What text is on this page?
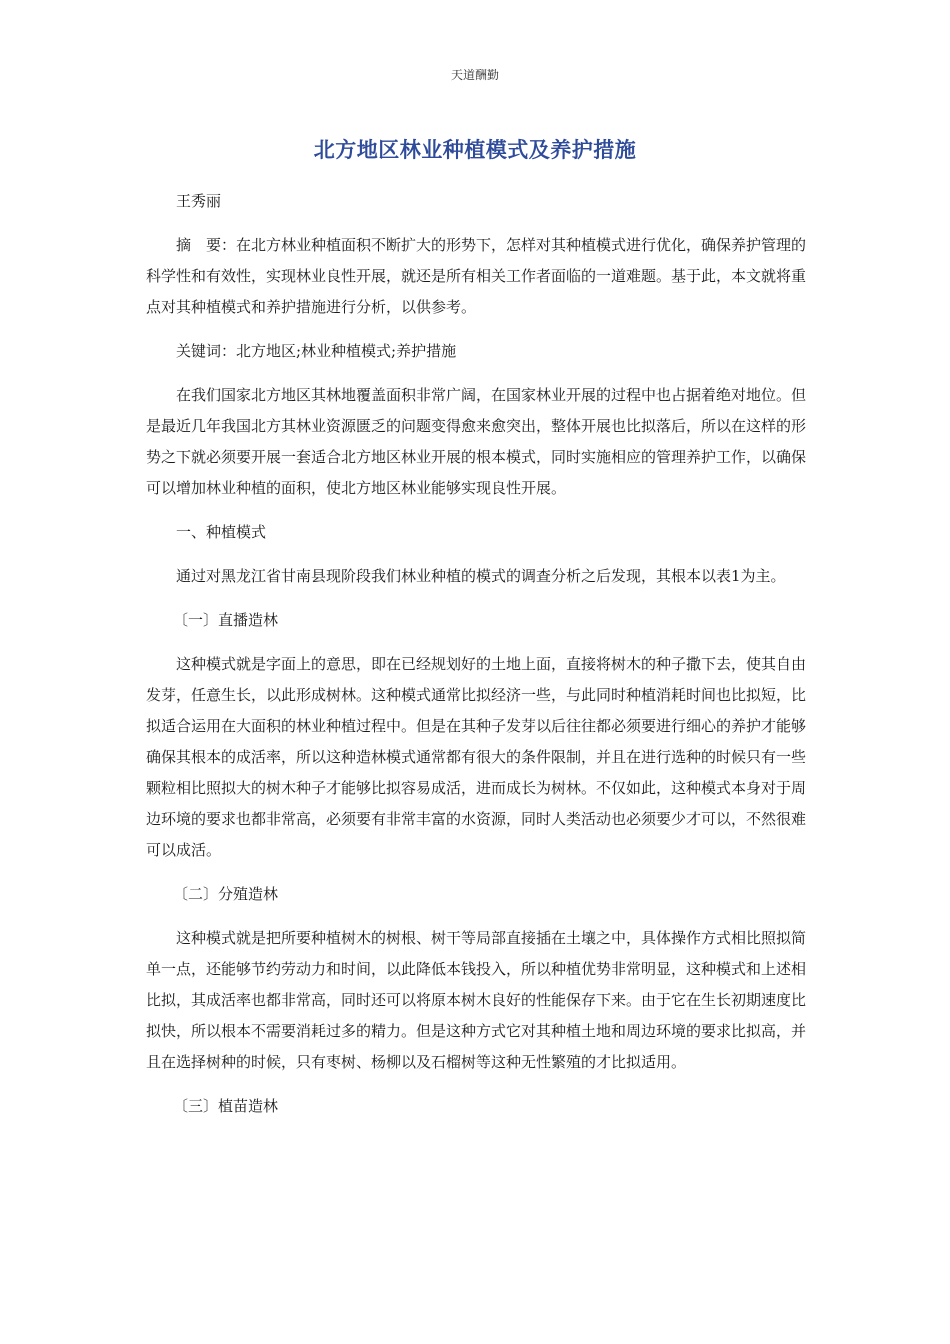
天道酬勤
北方地区林业种植模式及养护措施

王秀丽

摘　要：在北方林业种植面积不断扩大的形势下，怎样对其种植模式进行优化，确保养护管理的科学性和有效性，实现林业良性开展，就还是所有相关工作者面临的一道难题。基于此，本文就将重点对其种植模式和养护措施进行分析，以供参考。

关键词：北方地区;林业种植模式;养护措施

在我们国家北方地区其林地覆盖面积非常广阔，在国家林业开展的过程中也占据着绝对地位。但是最近几年我国北方其林业资源匮乏的问题变得愈来愈突出，整体开展也比拟落后，所以在这样的形势之下就必须要开展一套适合北方地区林业开展的根本模式，同时实施相应的管理养护工作，以确保可以增加林业种植的面积，使北方地区林业能够实现良性开展。

一、种植模式

通过对黑龙江省甘南县现阶段我们林业种植的模式的调查分析之后发现，其根本以表1为主。

〔一〕直播造林

这种模式就是字面上的意思，即在已经规划好的土地上面，直接将树木的种子撒下去，使其自由发芽，任意生长，以此形成树林。这种模式通常比拟经济一些，与此同时种植消耗时间也比拟短，比拟适合运用在大面积的林业种植过程中。但是在其种子发芽以后往往都必须要进行细心的养护才能够确保其根本的成活率，所以这种造林模式通常都有很大的条件限制，并且在进行选种的时候只有一些颗粒相比照拟大的树木种子才能够比拟容易成活，进而成长为树林。不仅如此，这种模式本身对于周边环境的要求也都非常高，必须要有非常丰富的水资源，同时人类活动也必须要少才可以，不然很难可以成活。

〔二〕分殖造林

这种模式就是把所要种植树木的树根、树干等局部直接插在土壤之中，具体操作方式相比照拟简单一点，还能够节约劳动力和时间，以此降低本钱投入，所以种植优势非常明显，这种模式和上述相比拟，其成活率也都非常高，同时还可以将原本树木良好的性能保存下来。由于它在生长初期速度比拟快，所以根本不需要消耗过多的精力。但是这种方式它对其种植土地和周边环境的要求比拟高，并且在选择树种的时候，只有枣树、杨柳以及石榴树等这种无性繁殖的才比拟适用。

〔三〕植苗造林
